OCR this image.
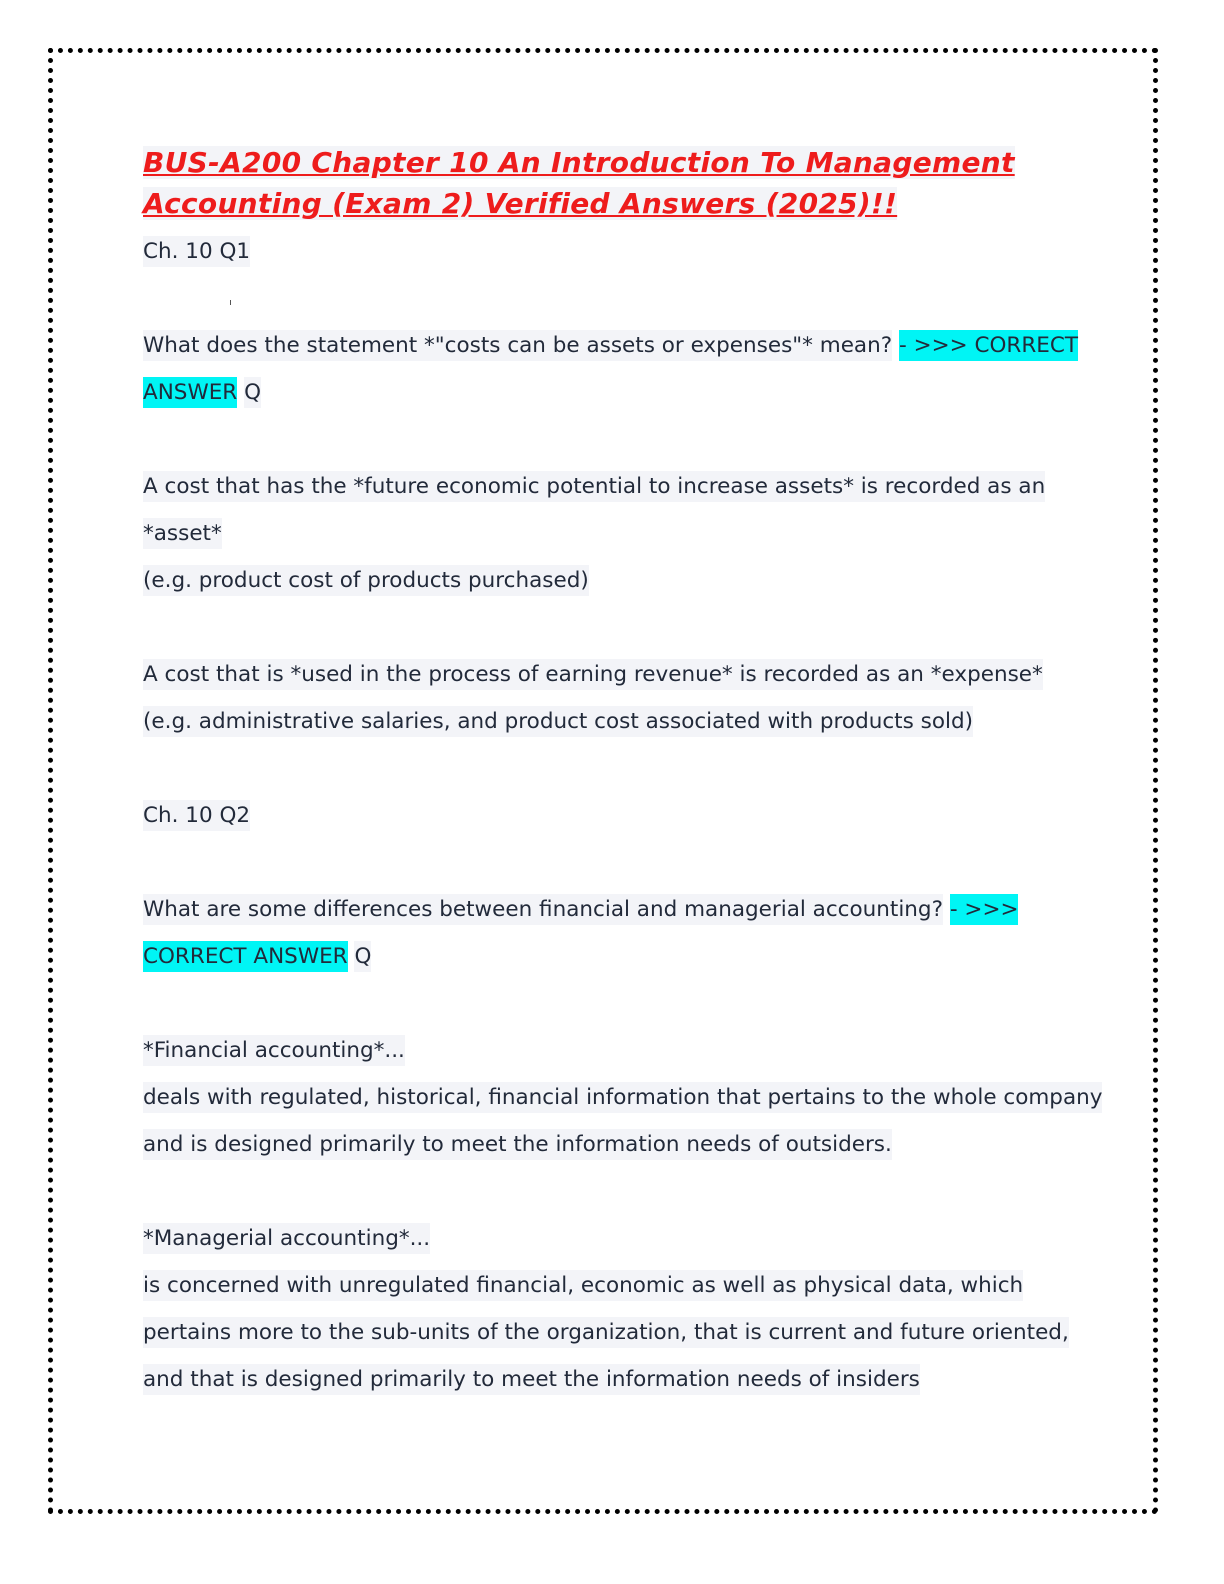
BUS-A200 Chapter 10 An Introduction To Management
Accounting (Exam 2) Verified Answers (2025)!!
Ch. 10 Q1
What does the statement *"costs can be assets or expenses"* mean? - >>> CORRECT
ANSWER Q
A cost that has the *future economic potential to increase assets* is recorded as an
*asset*
(e.g. product cost of products purchased)
A cost that is *used in the process of earning revenue* is recorded as an *expense*
(e.g. administrative salaries, and product cost associated with products sold)
Ch. 10 Q2
What are some differences between financial and managerial accounting? - >>>
CORRECT ANSWER Q
*Financial accounting*...
deals with regulated, historical, financial information that pertains to the whole company
and is designed primarily to meet the information needs of outsiders.
*Managerial accounting*...
is concerned with unregulated financial, economic as well as physical data, which
pertains more to the sub-units of the organization, that is current and future oriented,
and that is designed primarily to meet the information needs of insiders
